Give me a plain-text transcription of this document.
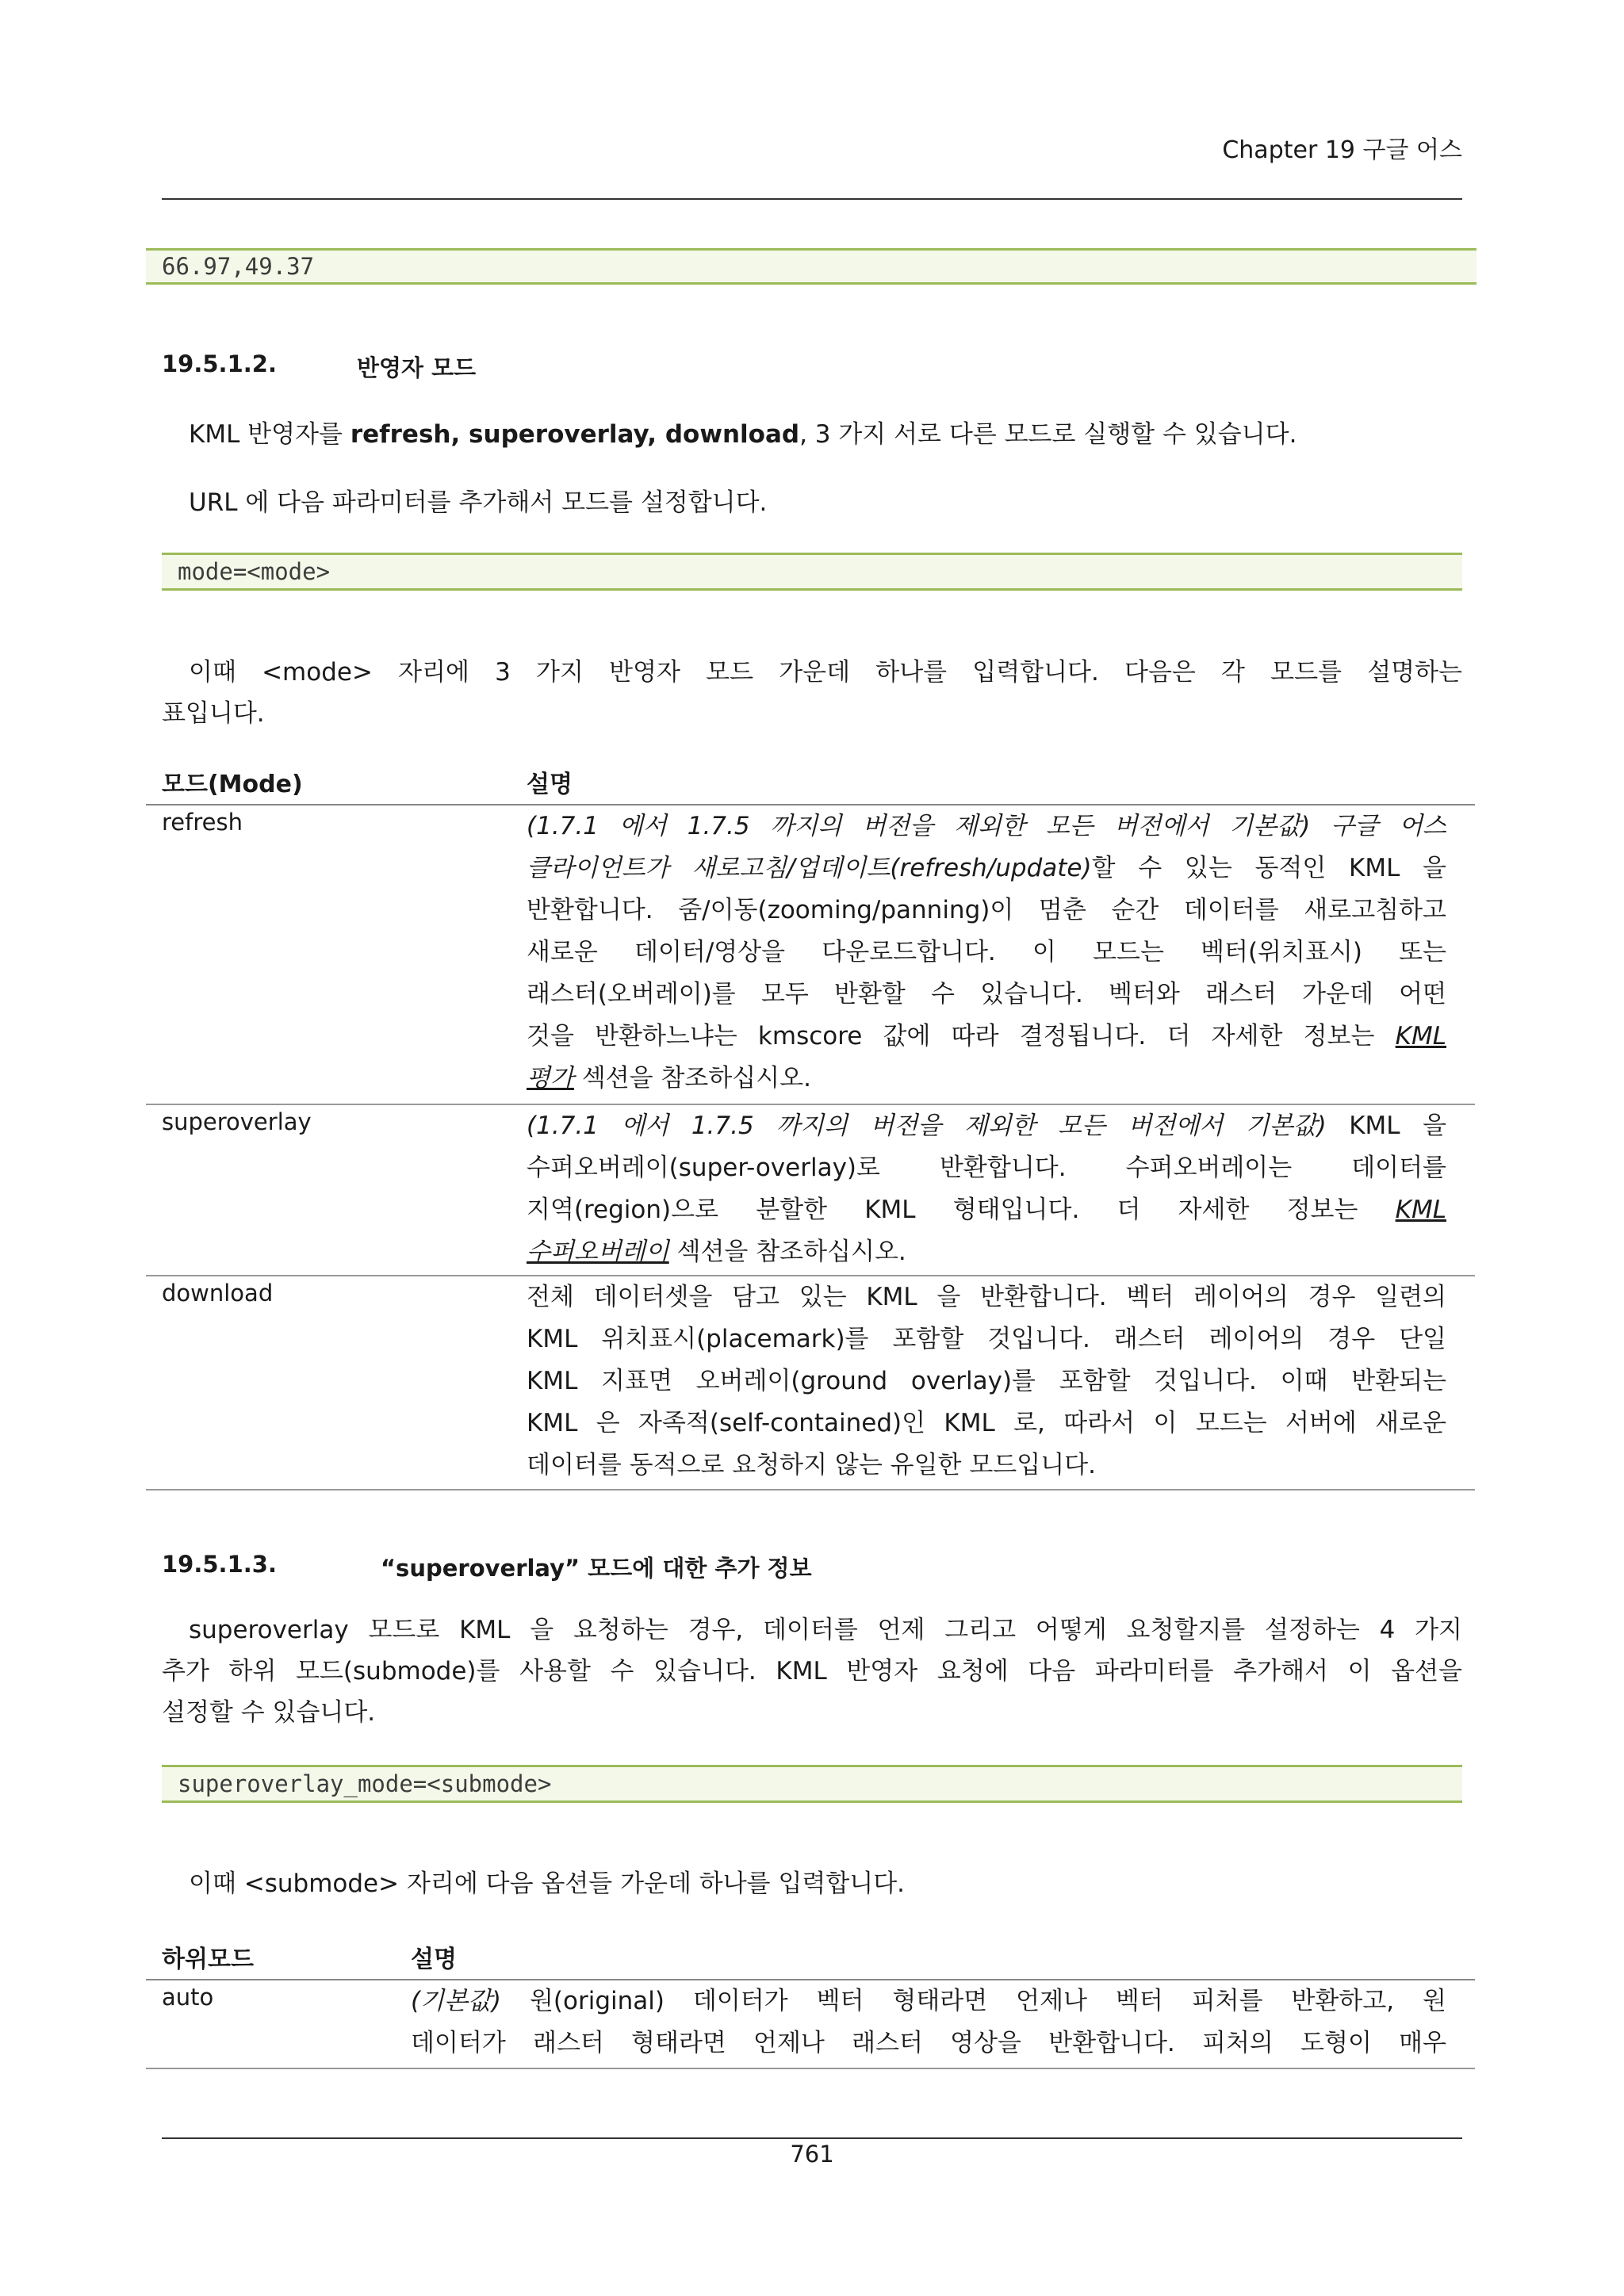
Chapter 19 구글 어스
66.97,49.37
19.5.1.2.	반영자 모드
KML 반영자를 refresh, superoverlay, download, 3 가지 서로 다른 모드로 실행할 수 있습니다.
URL 에 다음 파라미터를 추가해서 모드를 설정합니다.
mode=<mode>
이때 <mode> 자리에 3 가지 반영자 모드 가운데 하나를 입력합니다. 다음은 각 모드를 설명하는
표입니다.
모드(Mode)	설명
refresh	(1.7.1 에서 1.7.5 까지의 버전을 제외한 모든 버전에서 기본값) 구글 어스
클라이언트가 새로고침/업데이트(refresh/update)할 수 있는 동적인 KML 을
반환합니다. 줌/이동(zooming/panning)이 멈춘 순간 데이터를 새로고침하고
새로운 데이터/영상을 다운로드합니다. 이 모드는 벡터(위치표시) 또는
래스터(오버레이)를 모두 반환할 수 있습니다. 벡터와 래스터 가운데 어떤
것을 반환하느냐는 kmscore 값에 따라 결정됩니다. 더 자세한 정보는 KML
평가 섹션을 참조하십시오.
superoverlay	(1.7.1 에서 1.7.5 까지의 버전을 제외한 모든 버전에서 기본값) KML 을
수퍼오버레이(super-overlay)로 반환합니다. 수퍼오버레이는 데이터를
지역(region)으로 분할한 KML 형태입니다. 더 자세한 정보는 KML
수퍼오버레이 섹션을 참조하십시오.
download	전체 데이터셋을 담고 있는 KML 을 반환합니다. 벡터 레이어의 경우 일련의
KML 위치표시(placemark)를 포함할 것입니다. 래스터 레이어의 경우 단일
KML 지표면 오버레이(ground overlay)를 포함할 것입니다. 이때 반환되는
KML 은 자족적(self-contained)인 KML 로, 따라서 이 모드는 서버에 새로운
데이터를 동적으로 요청하지 않는 유일한 모드입니다.
19.5.1.3.	“superoverlay” 모드에 대한 추가 정보
superoverlay 모드로 KML 을 요청하는 경우, 데이터를 언제 그리고 어떻게 요청할지를 설정하는 4 가지
추가 하위 모드(submode)를 사용할 수 있습니다. KML 반영자 요청에 다음 파라미터를 추가해서 이 옵션을
설정할 수 있습니다.
superoverlay_mode=<submode>
이때 <submode> 자리에 다음 옵션들 가운데 하나를 입력합니다.
하위모드	설명
auto	(기본값) 원(original) 데이터가 벡터 형태라면 언제나 벡터 피처를 반환하고, 원
데이터가 래스터 형태라면 언제나 래스터 영상을 반환합니다. 피처의 도형이 매우
761
